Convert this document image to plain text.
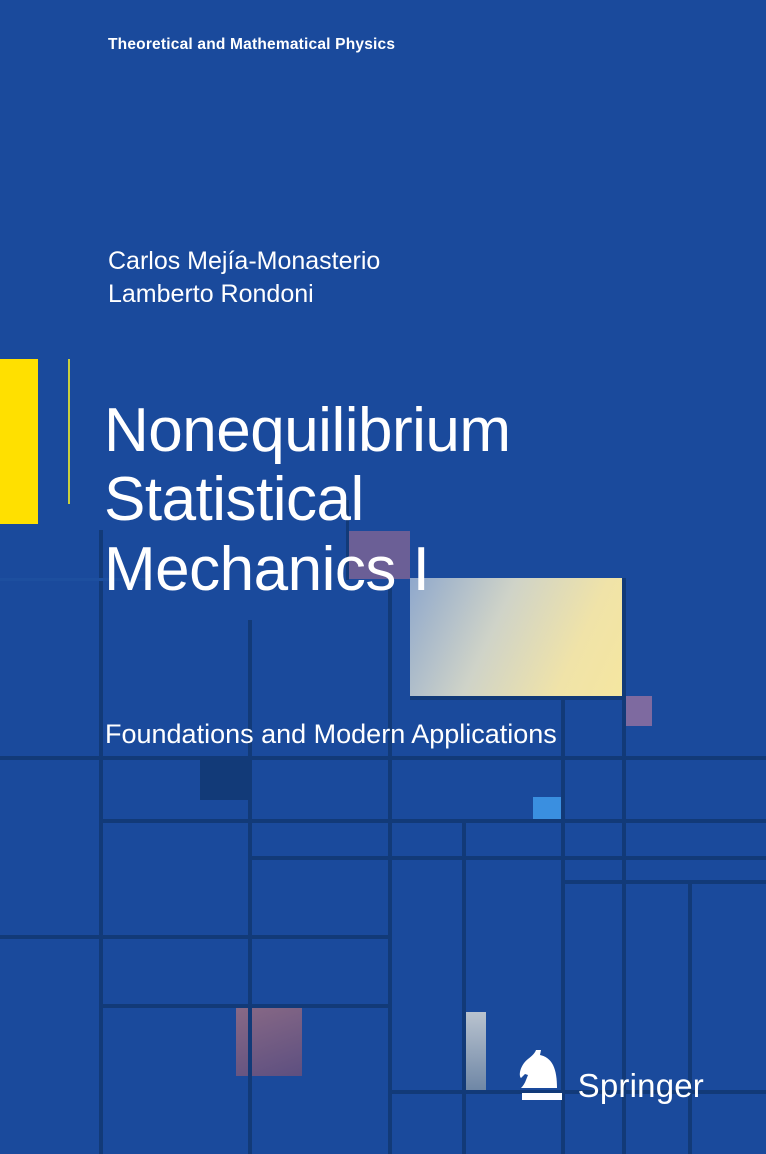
Theoretical and Mathematical Physics
Carlos Mejía-Monasterio
Lamberto Rondoni
Nonequilibrium
Statistical
Mechanics I
Foundations and Modern Applications
Springer
